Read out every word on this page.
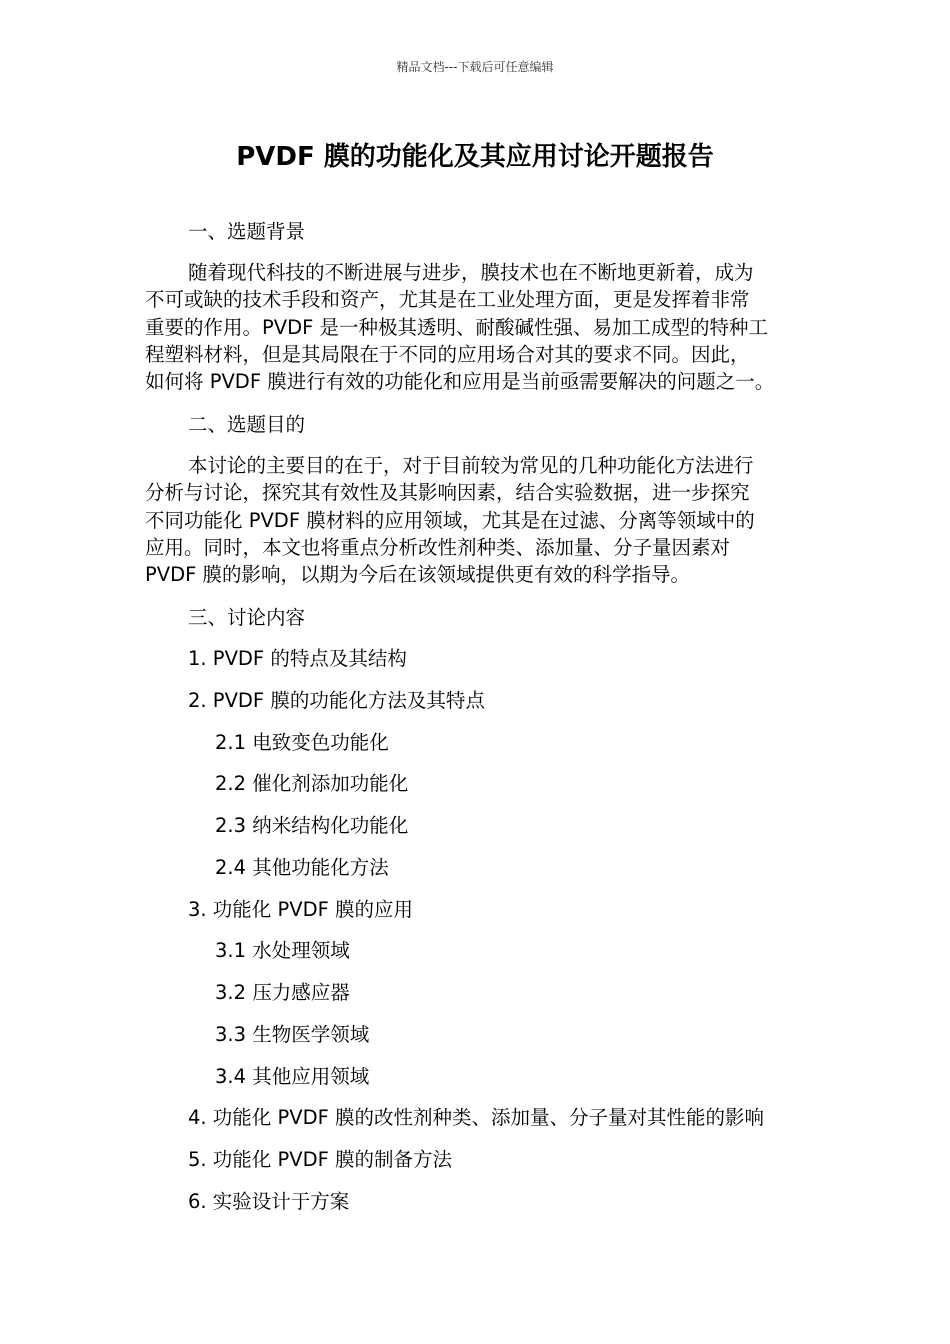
精品文档---下载后可任意编辑
PVDF 膜的功能化及其应用讨论开题报告
一、选题背景
随着现代科技的不断进展与进步，膜技术也在不断地更新着，成为
不可或缺的技术手段和资产，尤其是在工业处理方面，更是发挥着非常
重要的作用。PVDF 是一种极其透明、耐酸碱性强、易加工成型的特种工
程塑料材料，但是其局限在于不同的应用场合对其的要求不同。因此，
如何将 PVDF 膜进行有效的功能化和应用是当前亟需要解决的问题之一。
二、选题目的
本讨论的主要目的在于，对于目前较为常见的几种功能化方法进行
分析与讨论，探究其有效性及其影响因素，结合实验数据，进一步探究
不同功能化 PVDF 膜材料的应用领域，尤其是在过滤、分离等领域中的
应用。同时，本文也将重点分析改性剂种类、添加量、分子量因素对
PVDF 膜的影响，以期为今后在该领域提供更有效的科学指导。
三、讨论内容
1. PVDF 的特点及其结构
2. PVDF 膜的功能化方法及其特点
2.1 电致变色功能化
2.2 催化剂添加功能化
2.3 纳米结构化功能化
2.4 其他功能化方法
3. 功能化 PVDF 膜的应用
3.1 水处理领域
3.2 压力感应器
3.3 生物医学领域
3.4 其他应用领域
4. 功能化 PVDF 膜的改性剂种类、添加量、分子量对其性能的影响
5. 功能化 PVDF 膜的制备方法
6. 实验设计于方案
